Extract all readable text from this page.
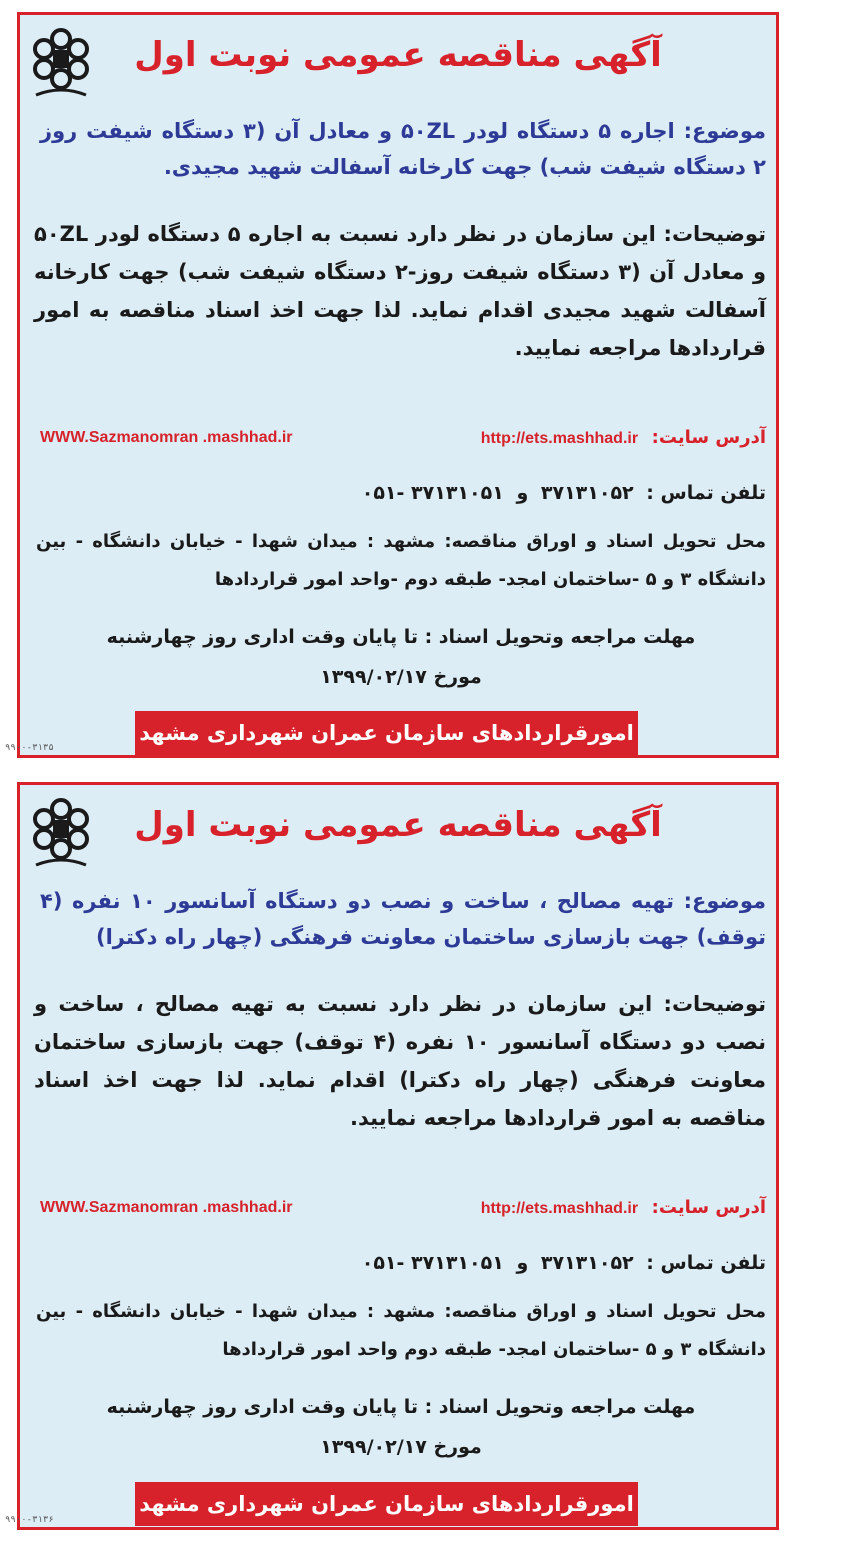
آگهی مناقصه عمومی نوبت اول
موضوع: اجاره ۵ دستگاه لودر ۵۰ZL و معادل آن (۳ دستگاه شیفت روز ۲ دستگاه شیفت شب) جهت کارخانه آسفالت شهید مجیدی.
توضیحات: این سازمان در نظر دارد نسبت به اجاره ۵ دستگاه لودر ۵۰ZL و معادل آن (۳ دستگاه شیفت روز-۲ دستگاه شیفت شب) جهت کارخانه آسفالت شهید مجیدی اقدام نماید. لذا جهت اخذ اسناد مناقصه به امور قراردادها مراجعه نمایید.
آدرس سایت: http://ets.mashhad.ir
WWW.Sazmanomran .mashhad.ir
تلفن تماس : ۳۷۱۳۱۰۵۲ و ۰۵۱- ۳۷۱۳۱۰۵۱
محل تحویل اسناد و اوراق مناقصه: مشهد : میدان شهدا - خیابان دانشگاه - بین دانشگاه ۳ و ۵ -ساختمان امجد- طبقه دوم -واحد امور قراردادها
مهلت مراجعه وتحویل اسناد : تا پایان وقت اداری روز چهارشنبه
مورخ ۱۳۹۹/۰۲/۱۷
امورقراردادهای سازمان عمران شهرداری مشهد
۹۹۰۰-۳۱۳۵
آگهی مناقصه عمومی نوبت اول
موضوع: تهیه مصالح ، ساخت و نصب دو دستگاه آسانسور ۱۰ نفره (۴ توقف) جهت بازسازی ساختمان معاونت فرهنگی (چهار راه دکترا)
توضیحات: این سازمان در نظر دارد نسبت به تهیه مصالح ، ساخت و نصب دو دستگاه آسانسور ۱۰ نفره (۴ توقف) جهت بازسازی ساختمان معاونت فرهنگی (چهار راه دکترا) اقدام نماید. لذا جهت اخذ اسناد مناقصه به امور قراردادها مراجعه نمایید.
آدرس سایت: http://ets.mashhad.ir
WWW.Sazmanomran .mashhad.ir
تلفن تماس : ۳۷۱۳۱۰۵۲ و ۰۵۱- ۳۷۱۳۱۰۵۱
محل تحویل اسناد و اوراق مناقصه: مشهد : میدان شهدا - خیابان دانشگاه - بین دانشگاه ۳ و ۵ -ساختمان امجد- طبقه دوم واحد امور قراردادها
مهلت مراجعه وتحویل اسناد : تا پایان وقت اداری روز چهارشنبه
مورخ ۱۳۹۹/۰۲/۱۷
امورقراردادهای سازمان عمران شهرداری مشهد
۹۹۰۰-۳۱۳۶
